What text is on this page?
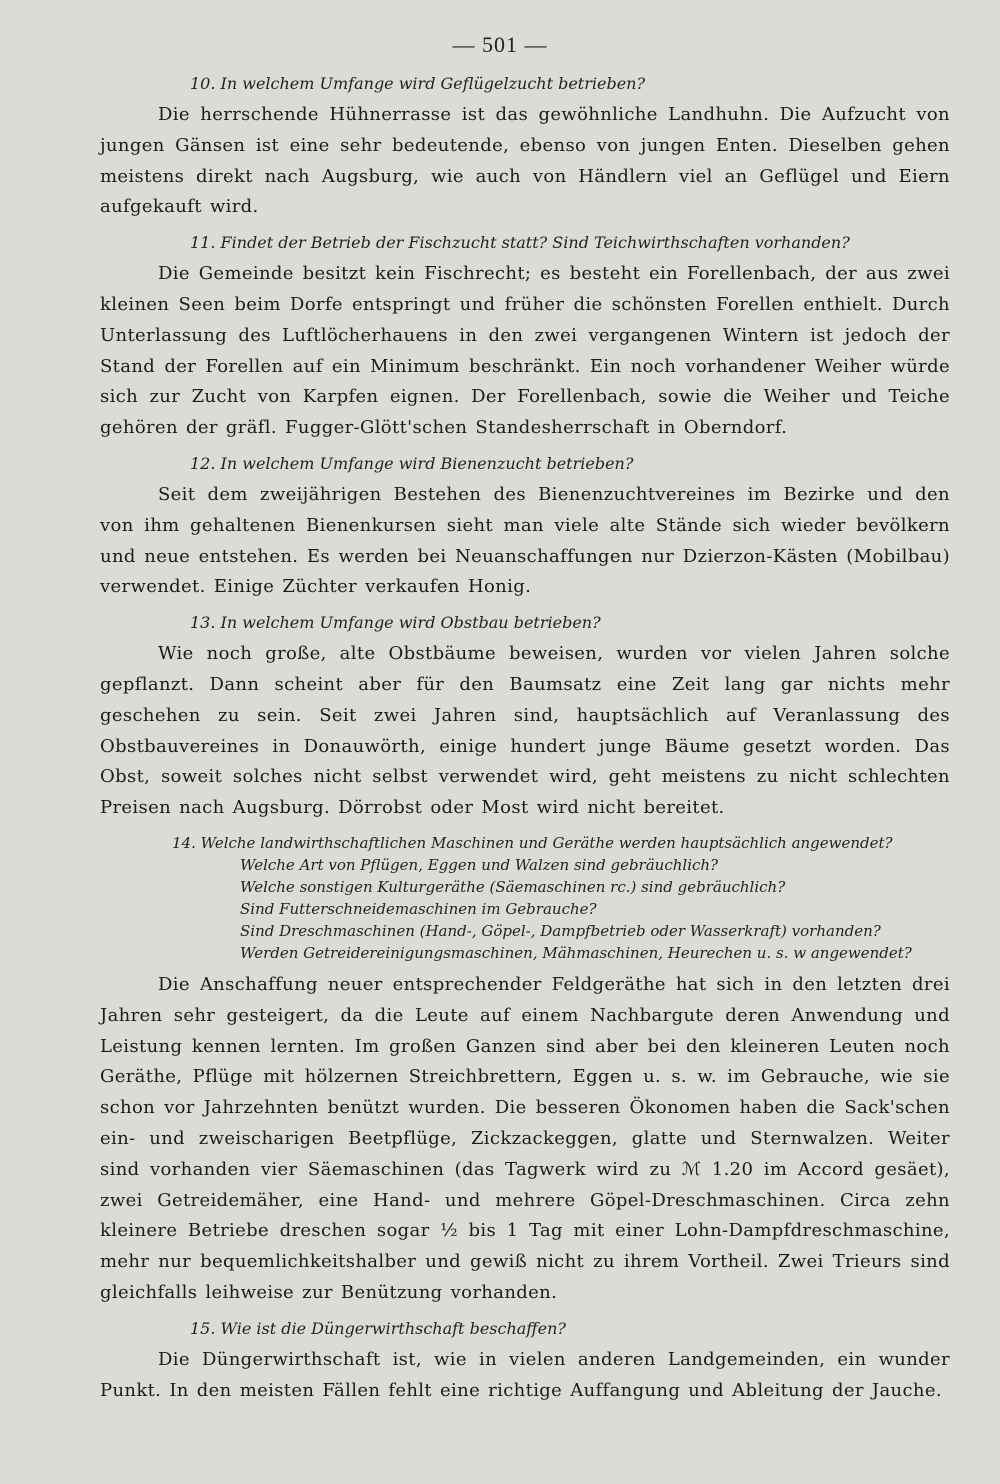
— 501 —
10. In welchem Umfange wird Geflügelzucht betrieben?

Die herrschende Hühnerrasse ist das gewöhnliche Landhuhn. Die Aufzucht von jungen Gänsen ist eine sehr bedeutende, ebenso von jungen Enten. Dieselben gehen meistens direkt nach Augsburg, wie auch von Händlern viel an Geflügel und Eiern aufgekauft wird.

11. Findet der Betrieb der Fischzucht statt? Sind Teichwirthschaften vorhanden?

Die Gemeinde besitzt kein Fischrecht; es besteht ein Forellenbach, der aus zwei kleinen Seen beim Dorfe entspringt und früher die schönsten Forellen enthielt. Durch Unterlassung des Luftlöcherhauens in den zwei vergangenen Wintern ist jedoch der Stand der Forellen auf ein Minimum beschränkt. Ein noch vorhandener Weiher würde sich zur Zucht von Karpfen eignen. Der Forellenbach, sowie die Weiher und Teiche gehören der gräfl. Fugger-Glött'schen Standesherrschaft in Oberndorf.

12. In welchem Umfange wird Bienenzucht betrieben?

Seit dem zweijährigen Bestehen des Bienenzuchtvereines im Bezirke und den von ihm gehaltenen Bienenkursen sieht man viele alte Stände sich wieder bevölkern und neue entstehen. Es werden bei Neuanschaffungen nur Dzierzon-Kästen (Mobilbau) verwendet. Einige Züchter verkaufen Honig.

13. In welchem Umfange wird Obstbau betrieben?

Wie noch große, alte Obstbäume beweisen, wurden vor vielen Jahren solche gepflanzt. Dann scheint aber für den Baumsatz eine Zeit lang gar nichts mehr geschehen zu sein. Seit zwei Jahren sind, hauptsächlich auf Veranlassung des Obstbauvereines in Donauwörth, einige hundert junge Bäume gesetzt worden. Das Obst, soweit solches nicht selbst verwendet wird, geht meistens zu nicht schlechten Preisen nach Augsburg. Dörrobst oder Most wird nicht bereitet.

14. Welche landwirthschaftlichen Maschinen und Geräthe werden hauptsächlich angewendet?
Welche Art von Pflügen, Eggen und Walzen sind gebräuchlich?
Welche sonstigen Kulturgeräthe (Säemaschinen rc.) sind gebräuchlich?
Sind Futterschneidemaschinen im Gebrauche?
Sind Dreschmaschinen (Hand-, Göpel-, Dampfbetrieb oder Wasserkraft) vorhanden?
Werden Getreidereinigungsmaschinen, Mähmaschinen, Heurechen u. s. w angewendet?

Die Anschaffung neuer entsprechender Feldgeräthe hat sich in den letzten drei Jahren sehr gesteigert, da die Leute auf einem Nachbargute deren Anwendung und Leistung kennen lernten. Im großen Ganzen sind aber bei den kleineren Leuten noch Geräthe, Pflüge mit hölzernen Streichbrettern, Eggen u. s. w. im Gebrauche, wie sie schon vor Jahrzehnten benützt wurden. Die besseren Ökonomen haben die Sack'schen ein- und zweischarigen Beetpflüge, Zickzackeggen, glatte und Sternwalzen. Weiter sind vorhanden vier Säemaschinen (das Tagwerk wird zu ℳ 1.20 im Accord gesäet), zwei Getreidemäher, eine Hand- und mehrere Göpel-Dreschmaschinen. Circa zehn kleinere Betriebe dreschen sogar ½ bis 1 Tag mit einer Lohn-Dampfdreschmaschine, mehr nur bequemlichkeitshalber und gewiß nicht zu ihrem Vortheil. Zwei Trieurs sind gleichfalls leihweise zur Benützung vorhanden.

15. Wie ist die Düngerwirthschaft beschaffen?

Die Düngerwirthschaft ist, wie in vielen anderen Landgemeinden, ein wunder Punkt. In den meisten Fällen fehlt eine richtige Auffangung und Ableitung der Jauche.
